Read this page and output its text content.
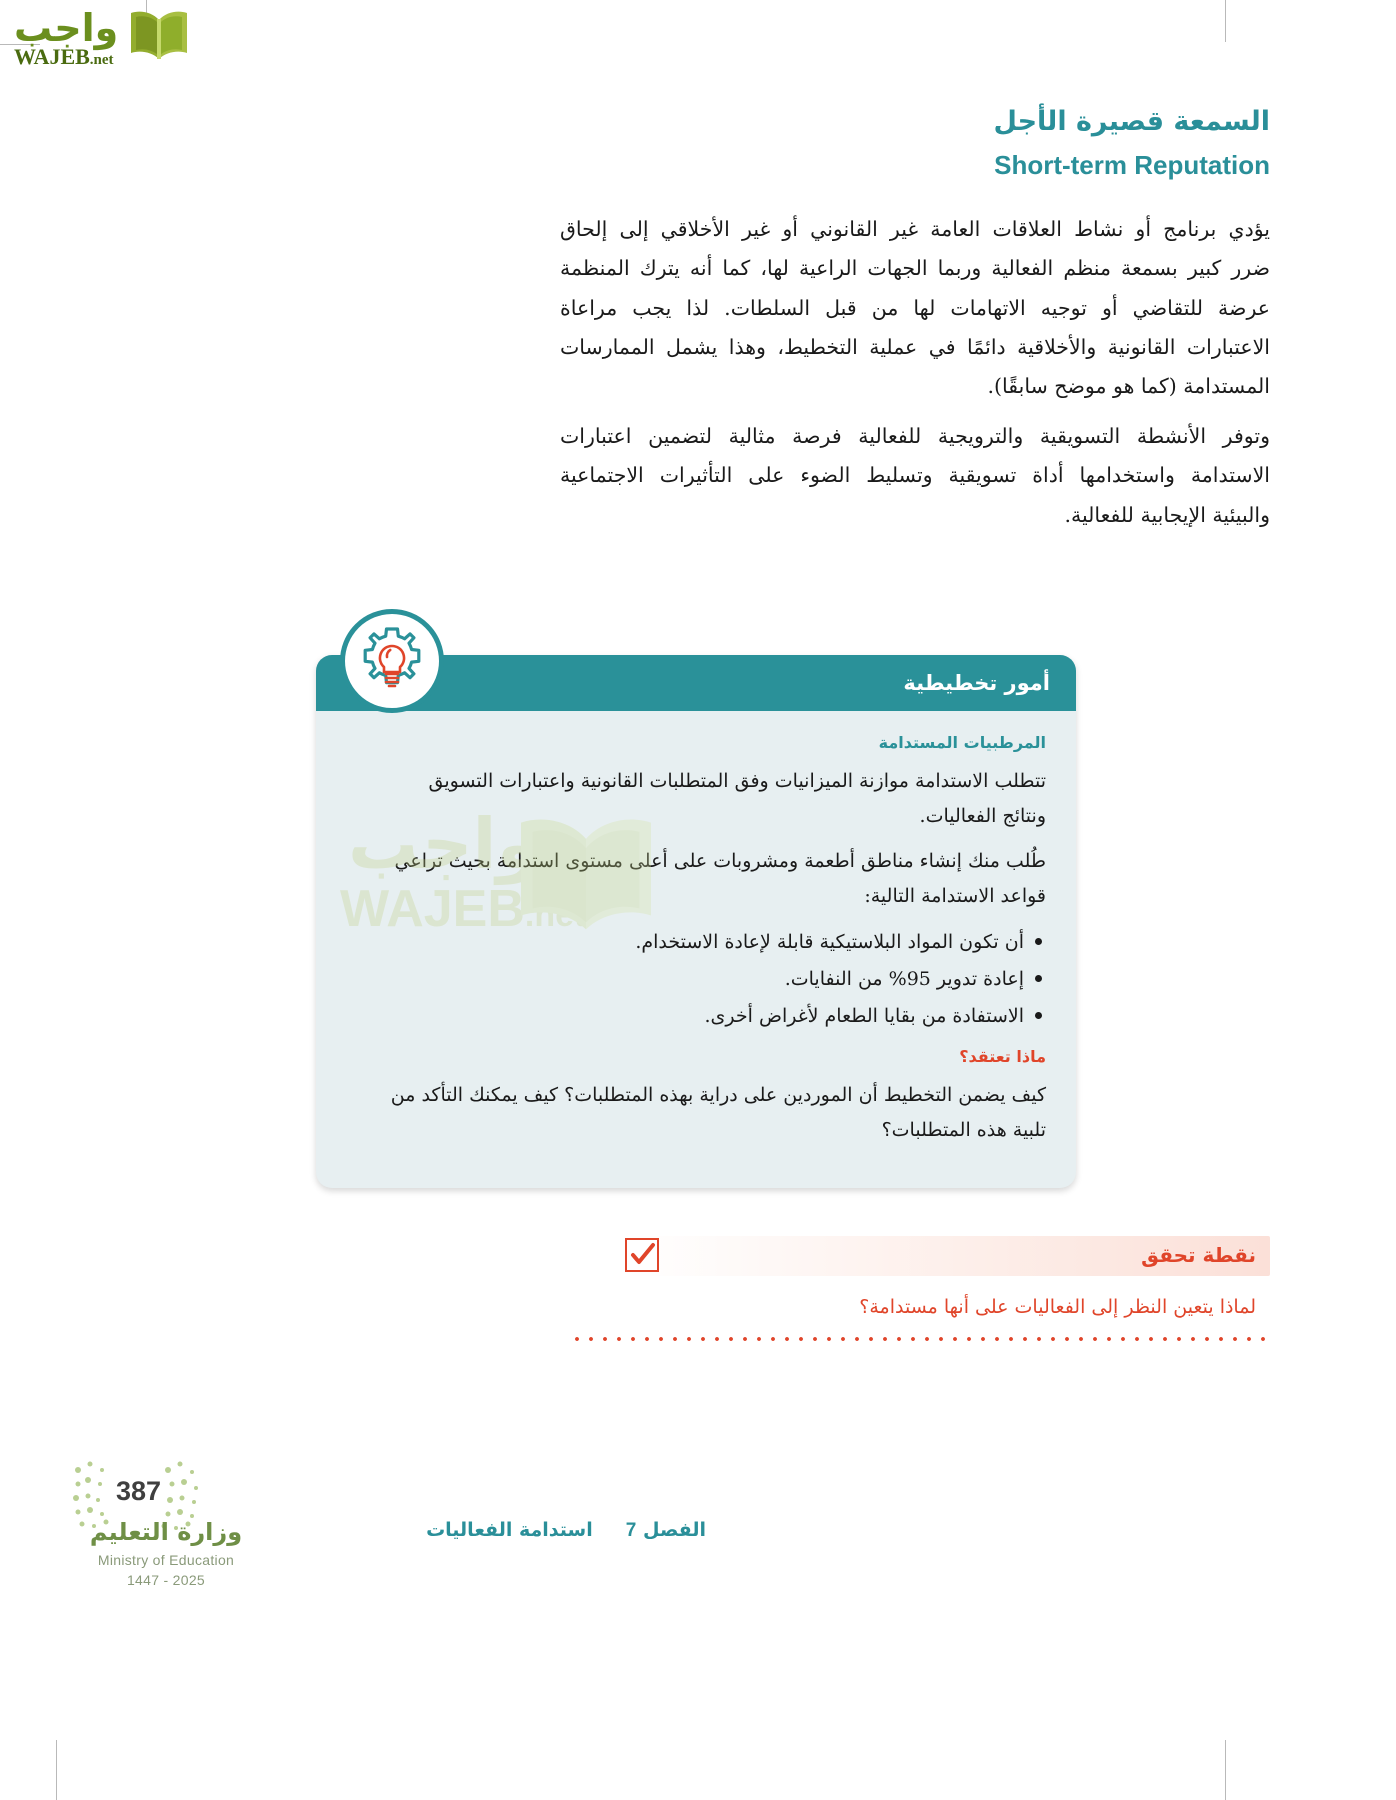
واجب
WAJEB.net
السمعة قصيرة الأجل
Short-term Reputation
يؤدي برنامج أو نشاط العلاقات العامة غير القانوني أو غير الأخلاقي إلى إلحاق
ضرر كبير بسمعة منظم الفعالية وربما الجهات الراعية لها، كما أنه يترك المنظمة
عرضة للتقاضي أو توجيه الاتهامات لها من قبل السلطات. لذا يجب مراعاة
الاعتبارات القانونية والأخلاقية دائمًا في عملية التخطيط، وهذا يشمل الممارسات
المستدامة (كما هو موضح سابقًا).
وتوفر الأنشطة التسويقية والترويجية للفعالية فرصة مثالية لتضمين اعتبارات
الاستدامة واستخدامها أداة تسويقية وتسليط الضوء على التأثيرات الاجتماعية
والبيئية الإيجابية للفعالية.
أمور تخطيطية
واجب
WAJEB.net
المرطبيات المستدامة
تتطلب الاستدامة موازنة الميزانيات وفق المتطلبات القانونية واعتبارات التسويق
ونتائج الفعاليات.
طُلب منك إنشاء مناطق أطعمة ومشروبات على أعلى مستوى استدامة بحيث تراعي
قواعد الاستدامة التالية:
أن تكون المواد البلاستيكية قابلة لإعادة الاستخدام.
إعادة تدوير 95% من النفايات.
الاستفادة من بقايا الطعام لأغراض أخرى.
ماذا تعتقد؟
كيف يضمن التخطيط أن الموردين على دراية بهذه المتطلبات؟ كيف يمكنك التأكد من
تلبية هذه المتطلبات؟
نقطة تحقق
لماذا يتعين النظر إلى الفعاليات على أنها مستدامة؟
387
وزارة التعليم
Ministry of Education
2025 - 1447
الفصل 7     استدامة الفعاليات
